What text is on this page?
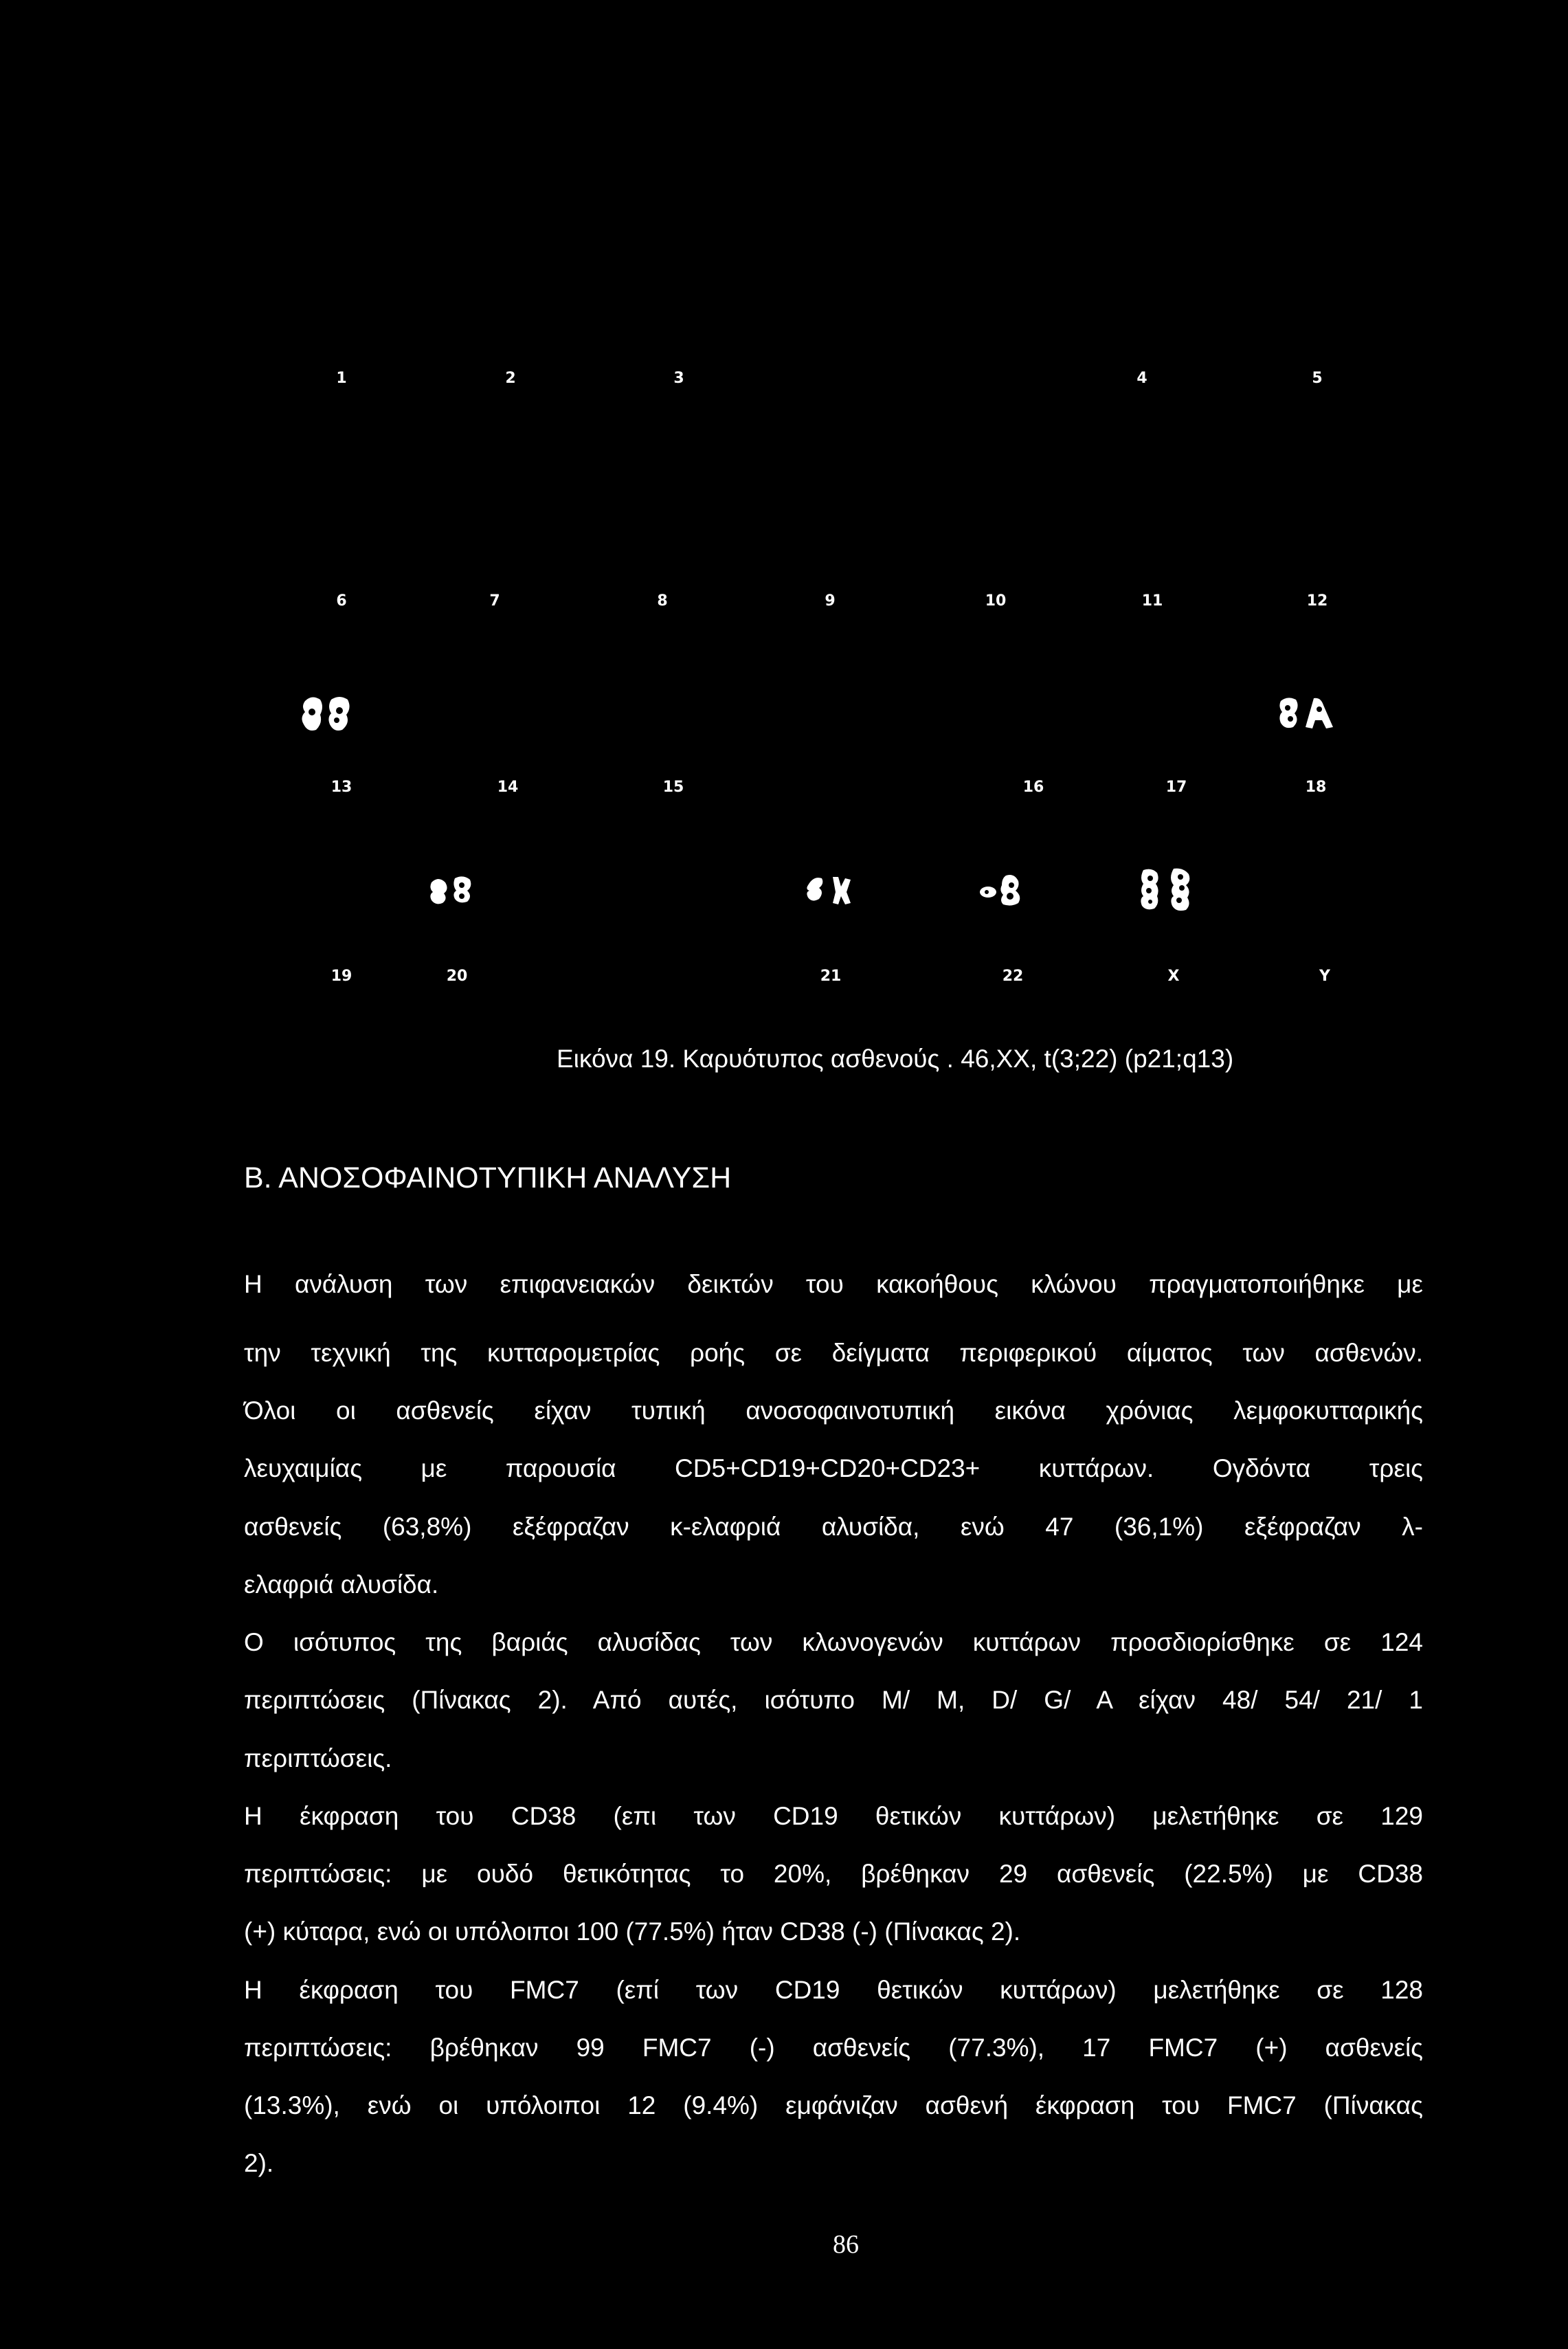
1	2	3	4	5
6	7	8	9	10	11	12
13	14	15	16	17	18
19	20	21	22	X	Y
Εικόνα 19. Καρυότυπος ασθενούς . 46,XX, t(3;22) (p21;q13)
Β. ΑΝΟΣΟΦΑΙΝΟΤΥΠΙΚΗ ΑΝΑΛΥΣΗ
Η ανάλυση των επιφανειακών δεικτών του κακοήθους κλώνου πραγματοποιήθηκε με
την τεχνική της κυτταρομετρίας ροής σε δείγματα περιφερικού αίματος των ασθενών.
Όλοι οι ασθενείς είχαν τυπική ανοσοφαινοτυπική εικόνα χρόνιας λεμφοκυτταρικής
λευχαιμίας με παρουσία CD5+CD19+CD20+CD23+ κυττάρων. Ογδόντα τρεις
ασθενείς (63,8%) εξέφραζαν κ-ελαφριά αλυσίδα, ενώ 47 (36,1%) εξέφραζαν λ-
ελαφριά αλυσίδα.
Ο ισότυπος της βαριάς αλυσίδας των κλωνογενών κυττάρων προσδιορίσθηκε σε 124
περιπτώσεις (Πίνακας 2). Από αυτές, ισότυπο Μ/ Μ, D/ G/ A είχαν 48/ 54/ 21/ 1
περιπτώσεις.
Η έκφραση του CD38 (επι των CD19 θετικών κυττάρων) μελετήθηκε σε 129
περιπτώσεις: με ουδό θετικότητας το 20%, βρέθηκαν 29 ασθενείς (22.5%) με CD38
(+) κύταρα, ενώ οι υπόλοιποι 100 (77.5%) ήταν CD38 (-) (Πίνακας 2).
Η έκφραση του FMC7 (επί των CD19 θετικών κυττάρων) μελετήθηκε σε 128
περιπτώσεις: βρέθηκαν 99 FMC7 (-) ασθενείς (77.3%), 17 FMC7 (+) ασθενείς
(13.3%), ενώ οι υπόλοιποι 12 (9.4%) εμφάνιζαν ασθενή έκφραση του FMC7 (Πίνακας
2).
86
